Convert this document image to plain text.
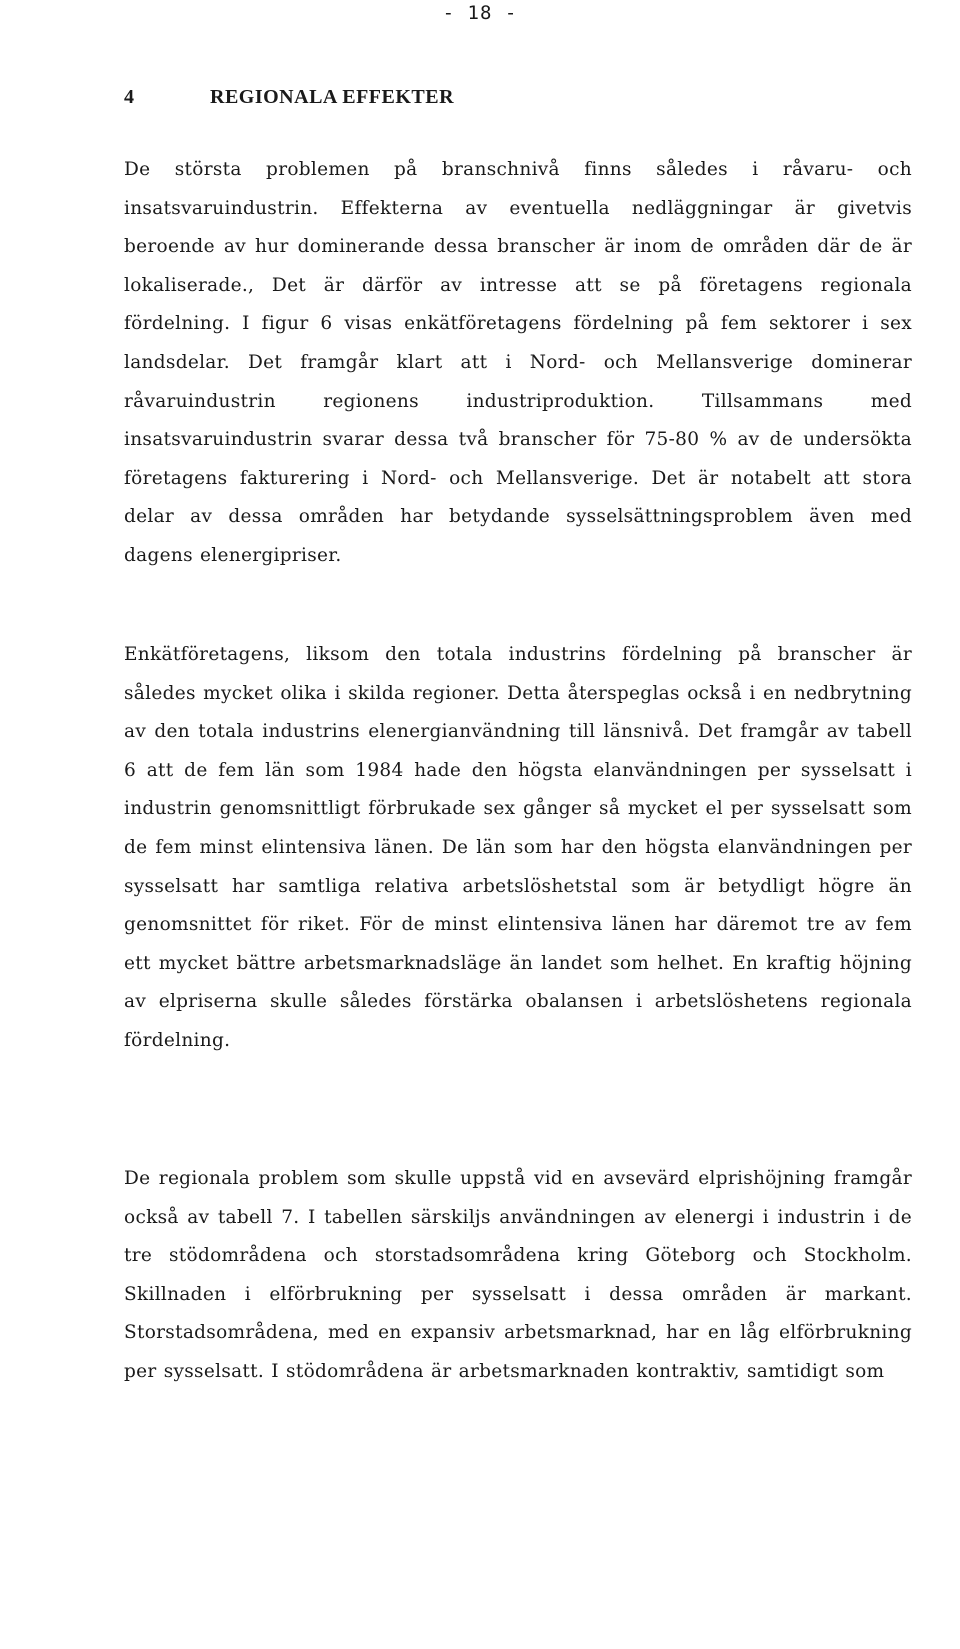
- 18 -
4	REGIONALA EFFEKTER

De största problemen på branschnivå finns således i råvaru- och insatsvaruindustrin. Effekterna av eventuella nedläggningar är givetvis beroende av hur dominerande dessa branscher är inom de områden där de är lokaliserade., Det är därför av intresse att se på företagens regionala fördelning. I figur 6 visas enkätföretagens fördelning på fem sektorer i sex landsdelar. Det framgår klart att i Nord- och Mellansverige dominerar råvaruindustrin regionens industriproduktion. Tillsammans med insatsvaruindustrin svarar dessa två branscher för 75-80 % av de undersökta företagens fakturering i Nord- och Mellansverige. Det är notabelt att stora delar av dessa områden har betydande sysselsättningsproblem även med dagens elenergipriser.

Enkätföretagens, liksom den totala industrins fördelning på branscher är således mycket olika i skilda regioner. Detta återspeglas också i en nedbrytning av den totala industrins elenergianvändning till länsnivå. Det framgår av tabell 6 att de fem län som 1984 hade den högsta elanvändningen per sysselsatt i industrin genomsnittligt förbrukade sex gånger så mycket el per sysselsatt som de fem minst elintensiva länen. De län som har den högsta elanvändningen per sysselsatt har samtliga relativa arbetslöshetstal som är betydligt högre än genomsnittet för riket. För de minst elintensiva länen har däremot tre av fem ett mycket bättre arbetsmarknadsläge än landet som helhet. En kraftig höjning av elpriserna skulle således förstärka obalansen i arbetslöshetens regionala fördelning.

De regionala problem som skulle uppstå vid en avsevärd elprishöjning framgår också av tabell 7. I tabellen särskiljs användningen av elenergi i industrin i de tre stödområdena och storstadsområdena kring Göteborg och Stockholm. Skillnaden i elförbrukning per sysselsatt i dessa områden är markant. Storstadsområdena, med en expansiv arbetsmarknad, har en låg elförbrukning per sysselsatt. I stödområdena är arbetsmarknaden kontraktiv, samtidigt som
